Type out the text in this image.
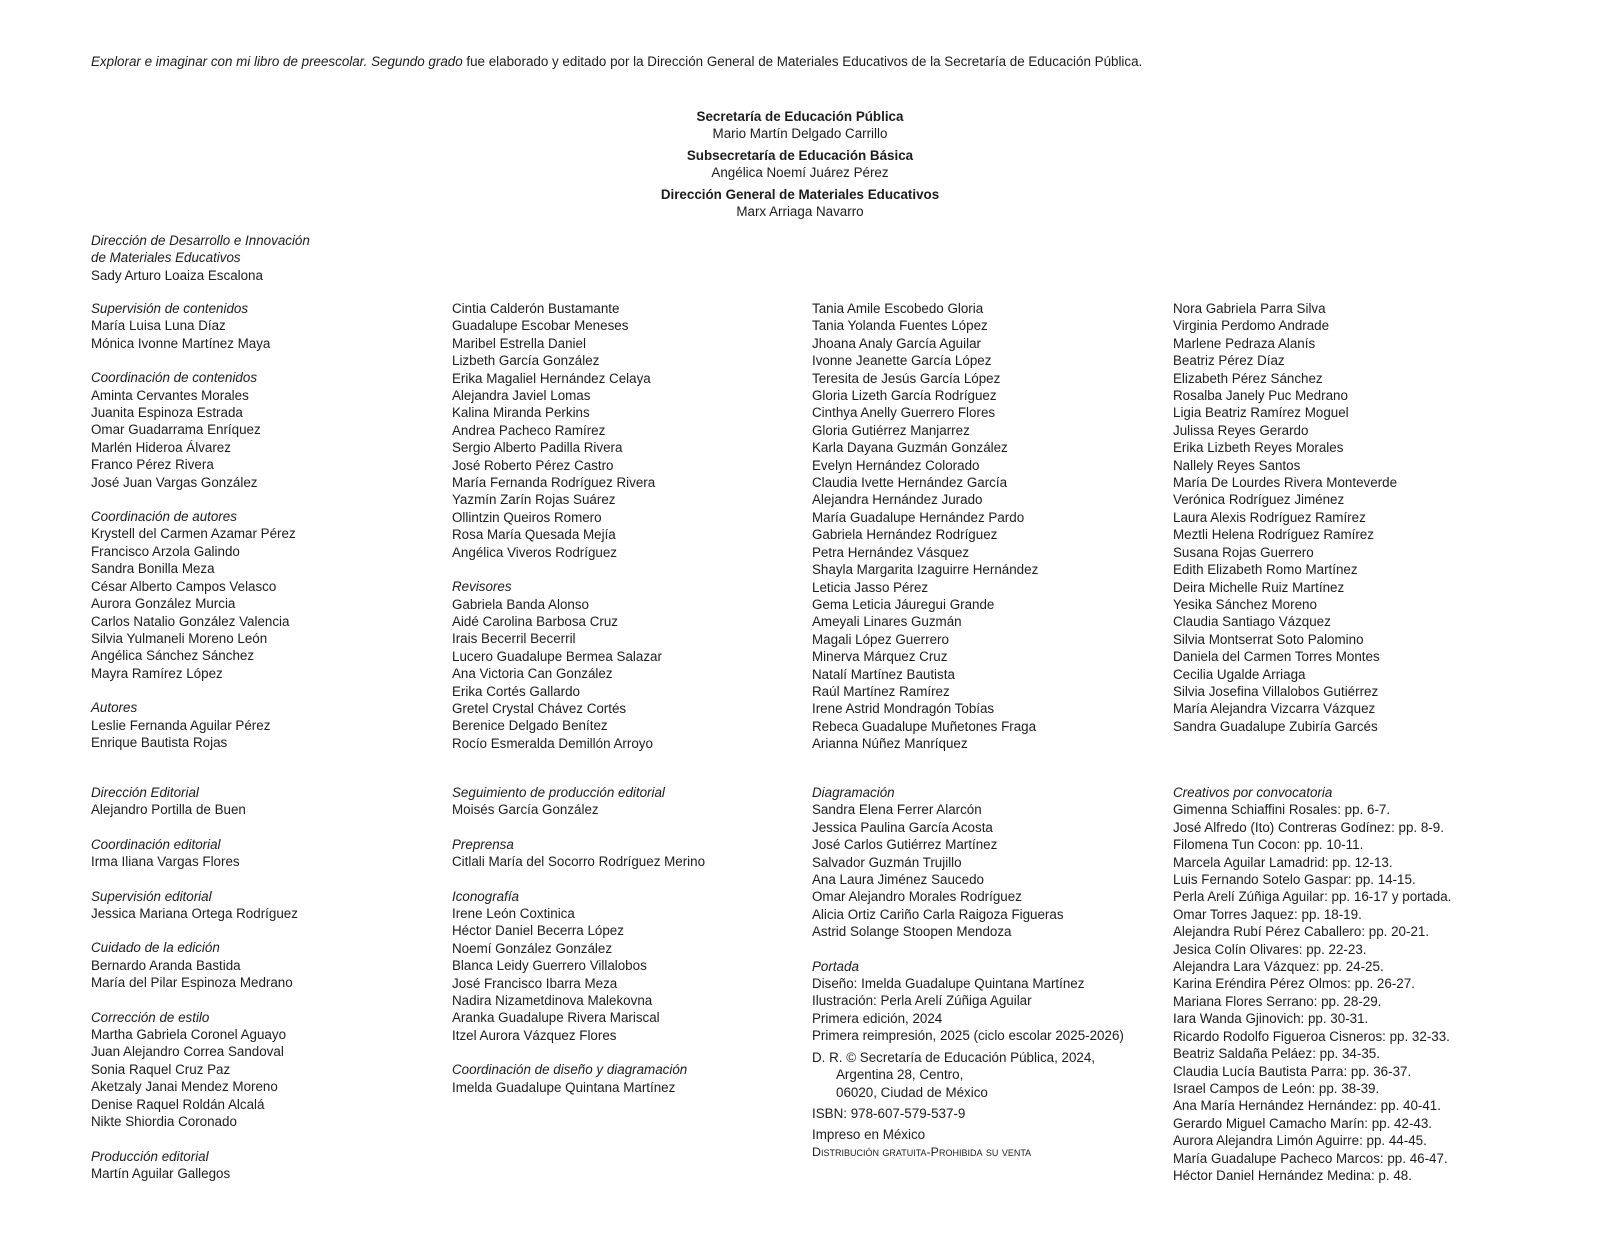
Explorar e imaginar con mi libro de preescolar. Segundo grado fue elaborado y editado por la Dirección General de Materiales Educativos de la Secretaría de Educación Pública.
Secretaría de Educación Pública
Mario Martín Delgado Carrillo
Subsecretaría de Educación Básica
Angélica Noemí Juárez Pérez
Dirección General de Materiales Educativos
Marx Arriaga Navarro
Dirección de Desarrollo e Innovación
de Materiales Educativos
Sady Arturo Loaiza Escalona
Supervisión de contenidos
María Luisa Luna Díaz
Mónica Ivonne Martínez Maya
Coordinación de contenidos
Aminta Cervantes Morales
Juanita Espinoza Estrada
Omar Guadarrama Enríquez
Marlén Hideroa Álvarez
Franco Pérez Rivera
José Juan Vargas González
Coordinación de autores
Krystell del Carmen Azamar Pérez
Francisco Arzola Galindo
Sandra Bonilla Meza
César Alberto Campos Velasco
Aurora González Murcia
Carlos Natalio González Valencia
Silvia Yulmaneli Moreno León
Angélica Sánchez Sánchez
Mayra Ramírez López
Autores
Leslie Fernanda Aguilar Pérez
Enrique Bautista Rojas
Cintia Calderón Bustamante
Guadalupe Escobar Meneses
Maribel Estrella Daniel
Lizbeth García González
Erika Magaliel Hernández Celaya
Alejandra Javiel Lomas
Kalina Miranda Perkins
Andrea Pacheco Ramírez
Sergio Alberto Padilla Rivera
José Roberto Pérez Castro
María Fernanda Rodríguez Rivera
Yazmín Zarín Rojas Suárez
Ollintzin Queiros Romero
Rosa María Quesada Mejía
Angélica Viveros Rodríguez
Revisores
Gabriela Banda Alonso
Aidé Carolina Barbosa Cruz
Irais Becerril Becerril
Lucero Guadalupe Bermea Salazar
Ana Victoria Can González
Erika Cortés Gallardo
Gretel Crystal Chávez Cortés
Berenice Delgado Benítez
Rocío Esmeralda Demillón Arroyo
Tania Amile Escobedo Gloria
Tania Yolanda Fuentes López
Jhoana Analy García Aguilar
Ivonne Jeanette García López
Teresita de Jesús García López
Gloria Lizeth García Rodríguez
Cinthya Anelly Guerrero Flores
Gloria Gutiérrez Manjarrez
Karla Dayana Guzmán González
Evelyn Hernández Colorado
Claudia Ivette Hernández García
Alejandra Hernández Jurado
María Guadalupe Hernández Pardo
Gabriela Hernández Rodríguez
Petra Hernández Vásquez
Shayla Margarita Izaguirre Hernández
Leticia Jasso Pérez
Gema Leticia Jáuregui Grande
Ameyali Linares Guzmán
Magali López Guerrero
Minerva Márquez Cruz
Natalí Martínez Bautista
Raúl Martínez Ramírez
Irene Astrid Mondragón Tobías
Rebeca Guadalupe Muñetones Fraga
Arianna Núñez Manríquez
Nora Gabriela Parra Silva
Virginia Perdomo Andrade
Marlene Pedraza Alanís
Beatriz Pérez Díaz
Elizabeth Pérez Sánchez
Rosalba Janely Puc Medrano
Ligia Beatriz Ramírez Moguel
Julissa Reyes Gerardo
Erika Lizbeth Reyes Morales
Nallely Reyes Santos
María De Lourdes Rivera Monteverde
Verónica Rodríguez Jiménez
Laura Alexis Rodríguez Ramírez
Meztli Helena Rodríguez Ramírez
Susana Rojas Guerrero
Edith Elizabeth Romo Martínez
Deira Michelle Ruiz Martínez
Yesika Sánchez Moreno
Claudia Santiago Vázquez
Silvia Montserrat Soto Palomino
Daniela del Carmen Torres Montes
Cecilia Ugalde Arriaga
Silvia Josefina Villalobos Gutiérrez
María Alejandra Vizcarra Vázquez
Sandra Guadalupe Zubiría Garcés
Dirección Editorial
Alejandro Portilla de Buen
Coordinación editorial
Irma Iliana Vargas Flores
Supervisión editorial
Jessica Mariana Ortega Rodríguez
Cuidado de la edición
Bernardo Aranda Bastida
María del Pilar Espinoza Medrano
Corrección de estilo
Martha Gabriela Coronel Aguayo
Juan Alejandro Correa Sandoval
Sonia Raquel Cruz Paz
Aketzaly Janai Mendez Moreno
Denise Raquel Roldán Alcalá
Nikte Shiordia Coronado
Producción editorial
Martín Aguilar Gallegos
Seguimiento de producción editorial
Moisés García González
Preprensa
Citlali María del Socorro Rodríguez Merino
Iconografía
Irene León Coxtinica
Héctor Daniel Becerra López
Noemí González González
Blanca Leidy Guerrero Villalobos
José Francisco Ibarra Meza
Nadira Nizametdinova Malekovna
Aranka Guadalupe Rivera Mariscal
Itzel Aurora Vázquez Flores
Coordinación de diseño y diagramación
Imelda Guadalupe Quintana Martínez
Diagramación
Sandra Elena Ferrer Alarcón
Jessica Paulina García Acosta
José Carlos Gutiérrez Martínez
Salvador Guzmán Trujillo
Ana Laura Jiménez Saucedo
Omar Alejandro Morales Rodríguez
Alicia Ortiz Cariño Carla Raigoza Figueras
Astrid Solange Stoopen Mendoza
Portada
Diseño: Imelda Guadalupe Quintana Martínez
Ilustración: Perla Arelí Zúñiga Aguilar
Primera edición, 2024
Primera reimpresión, 2025 (ciclo escolar 2025-2026)
D. R. © Secretaría de Educación Pública, 2024,
Argentina 28, Centro,
06020, Ciudad de México
ISBN: 978-607-579-537-9
Impreso en México
Distribución gratuita-Prohibida su venta
Creativos por convocatoria
Gimenna Schiaffini Rosales: pp. 6-7.
José Alfredo (Ito) Contreras Godínez: pp. 8-9.
Filomena Tun Cocon: pp. 10-11.
Marcela Aguilar Lamadrid: pp. 12-13.
Luis Fernando Sotelo Gaspar: pp. 14-15.
Perla Arelí Zúñiga Aguilar: pp. 16-17 y portada.
Omar Torres Jaquez: pp. 18-19.
Alejandra Rubí Pérez Caballero: pp. 20-21.
Jesica Colín Olivares: pp. 22-23.
Alejandra Lara Vázquez: pp. 24-25.
Karina Eréndira Pérez Olmos: pp. 26-27.
Mariana Flores Serrano: pp. 28-29.
Iara Wanda Gjinovich: pp. 30-31.
Ricardo Rodolfo Figueroa Cisneros: pp. 32-33.
Beatriz Saldaña Peláez: pp. 34-35.
Claudia Lucía Bautista Parra: pp. 36-37.
Israel Campos de León: pp. 38-39.
Ana María Hernández Hernández: pp. 40-41.
Gerardo Miguel Camacho Marín: pp. 42-43.
Aurora Alejandra Limón Aguirre: pp. 44-45.
María Guadalupe Pacheco Marcos: pp. 46-47.
Héctor Daniel Hernández Medina: p. 48.
